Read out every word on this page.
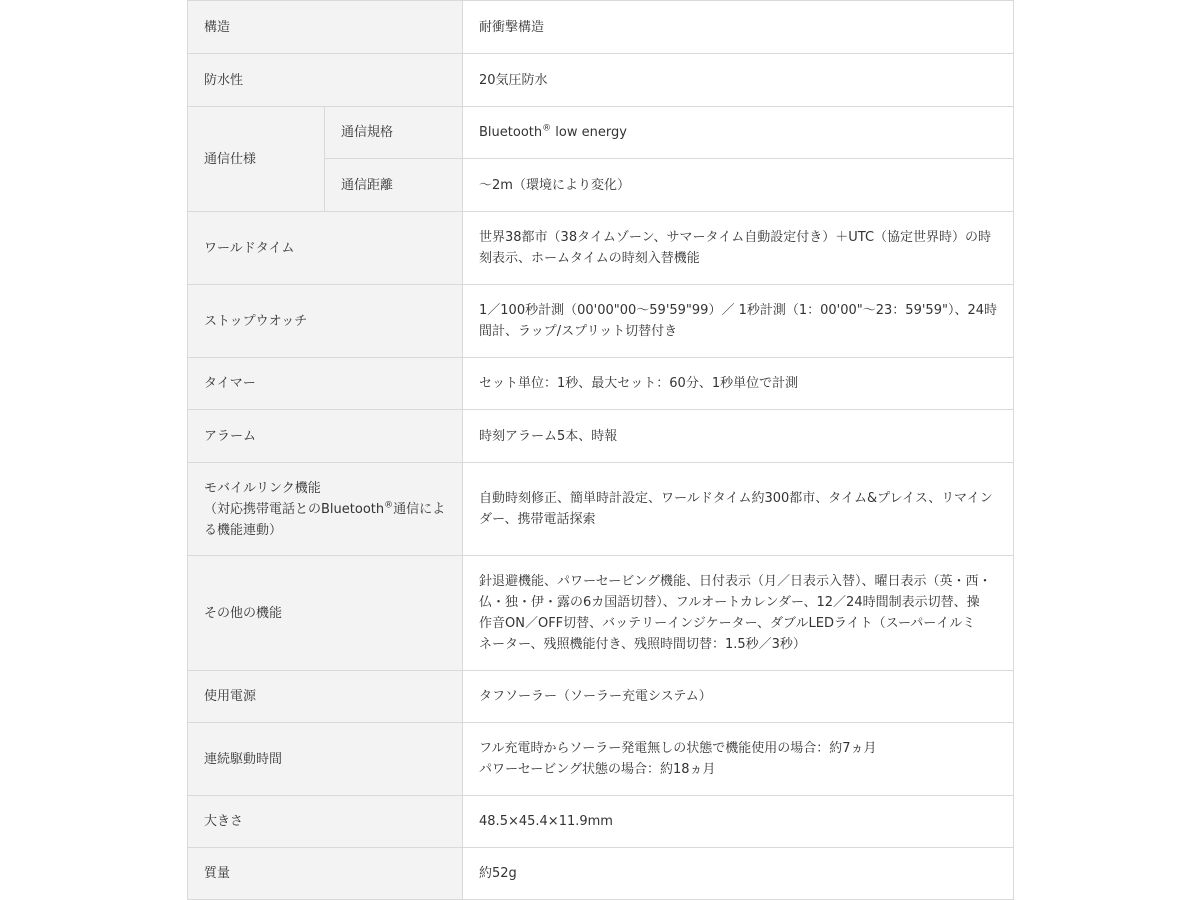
構造		耐衝撃構造

防水性		20気圧防水

通信仕様	通信規格	Bluetooth® low energy
	通信距離	～2m（環境により変化）

ワールドタイム		世界38都市（38タイムゾーン、サマータイム自動設定付き）＋UTC（協定世界時）の時
刻表示、ホームタイムの時刻入替機能

ストップウオッチ		1／100秒計測（00'00"00～59'59"99）／ 1秒計測（1：00'00"～23：59'59"）、24時
間計、ラップ/スプリット切替付き

タイマー		セット単位：1秒、最大セット：60分、1秒単位で計測

アラーム		時刻アラーム5本、時報

モバイルリンク機能
（対応携帯電話とのBluetooth®通信によ
る機能連動）		自動時刻修正、簡単時計設定、ワールドタイム約300都市、タイム&プレイス、リマイン
ダー、携帯電話探索

その他の機能		針退避機能、パワーセービング機能、日付表示（月／日表示入替）、曜日表示（英・西・
仏・独・伊・露の6カ国語切替）、フルオートカレンダー、12／24時間制表示切替、操
作音ON／OFF切替、バッテリーインジケーター、ダブルLEDライト（スーパーイルミ
ネーター、残照機能付き、残照時間切替：1.5秒／3秒）

使用電源		タフソーラー（ソーラー充電システム）

連続駆動時間		フル充電時からソーラー発電無しの状態で機能使用の場合：約7ヵ月
パワーセービング状態の場合：約18ヵ月

大きさ		48.5×45.4×11.9mm

質量		約52g
